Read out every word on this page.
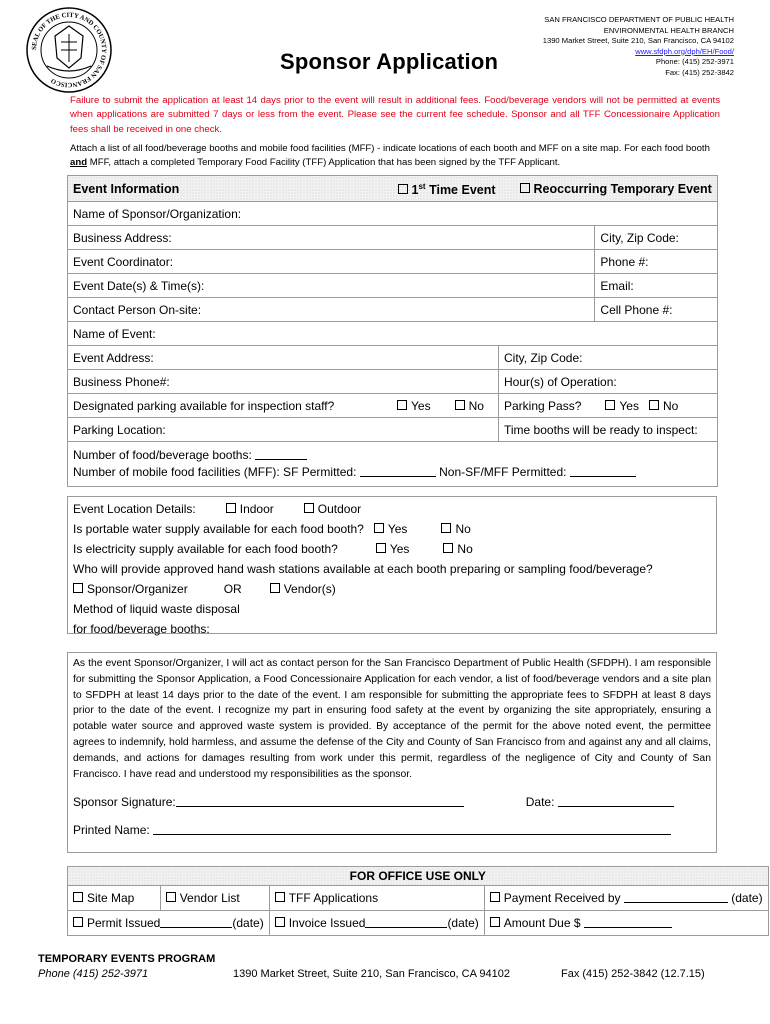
SEAL OF THE CITY AND COUNTY OF SAN FRANCISCO
SAN FRANCISCO DEPARTMENT OF PUBLIC HEALTH
ENVIRONMENTAL HEALTH BRANCH
1390 Market Street, Suite 210, San Francisco, CA 94102
www.sfdph.org/dph/EH/Food/
Phone: (415) 252-3971
Fax: (415) 252-3842
Sponsor Application
Failure to submit the application at least 14 days prior to the event will result in additional fees. Food/beverage vendors will not be permitted at events when applications are submitted 7 days or less from the event. Please see the current fee schedule. Sponsor and all TFF Concessionaire Application fees shall be received in one check.
Attach a list of all food/beverage booths and mobile food facilities (MFF) - indicate locations of each booth and MFF on a site map. For each food booth and MFF, attach a completed Temporary Food Facility (TFF) Application that has been signed by the TFF Applicant.
Event Information 1st Time Event Reoccurring Temporary Event	

Name of Sponsor/Organization:	
Business Address:	City, Zip Code:
Event Coordinator:	Phone #:
Event Date(s) & Time(s):	Email:
Contact Person On-site:	Cell Phone #:
Name of Event:	
Event Address:		City, Zip Code:
Business Phone#:		Hour(s) of Operation:
Designated parking available for inspection staff?	Yes No	Parking Pass? Yes No
Parking Location:		Time booths will be ready to inspect:

Number of food/beverage booths:
Number of mobile food facilities (MFF): SF Permitted: Non-SF/MFF Permitted:		
Event Location Details:	Indoor	Outdoor
Is portable water supply available for each food booth? Yes	No
Is electricity supply available for each food booth?	Yes	No
Who will provide approved hand wash stations available at each booth preparing or sampling food/beverage?
Sponsor/Organizer	OR	Vendor(s)
Method of liquid waste disposal
for food/beverage booths:
As the event Sponsor/Organizer, I will act as contact person for the San Francisco Department of Public Health (SFDPH). I am responsible for submitting the Sponsor Application, a Food Concessionaire Application for each vendor, a list of food/beverage vendors and a site plan to SFDPH at least 14 days prior to the date of the event. I am responsible for submitting the appropriate fees to SFDPH at least 8 days prior to the date of the event. I recognize my part in ensuring food safety at the event by organizing the site appropriately, ensuring a potable water source and approved waste system is provided. By acceptance of the permit for the above noted event, the permittee agrees to indemnify, hold harmless, and assume the defense of the City and County of San Francisco from and against any and all claims, demands, and actions for damages resulting from work under this permit, regardless of the negligence of City and County of San Francisco. I have read and understood my responsibilities as the sponsor.
Sponsor Signature:	Date:
Printed Name:
FOR OFFICE USE ONLY			
Site Map	Vendor List	TFF Applications	Payment Received by (date)
Permit Issued (date)		Invoice Issued (date)	Amount Due $
TEMPORARY EVENTS PROGRAM
Phone (415) 252-3971	1390 Market Street, Suite 210, San Francisco, CA 94102	Fax (415) 252-3842 (12.7.15)
